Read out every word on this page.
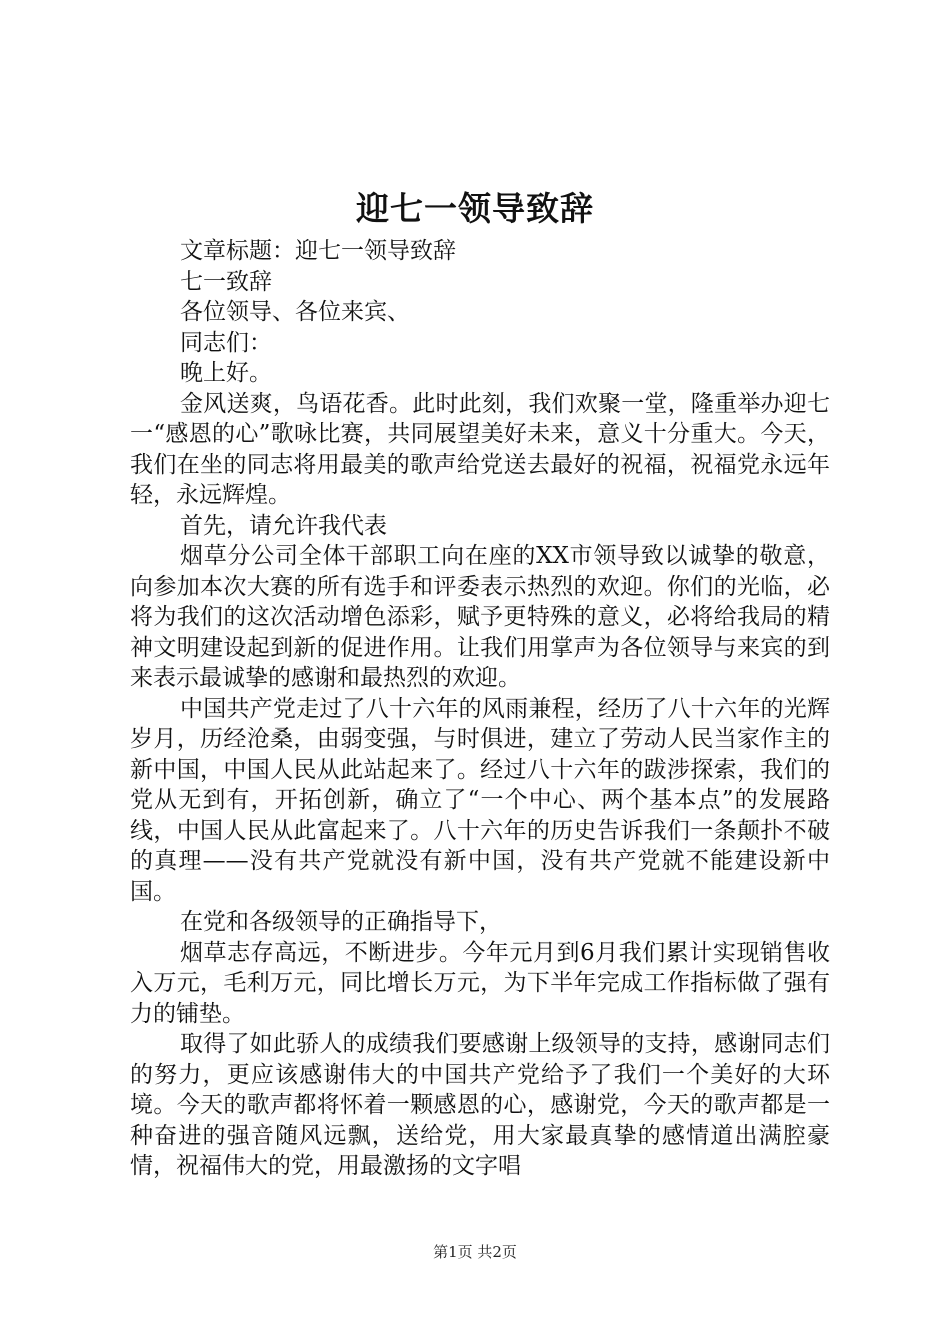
迎七一领导致辞

文章标题：迎七一领导致辞

七一致辞

各位领导、各位来宾、

同志们：

晚上好。

金风送爽，鸟语花香。此时此刻，我们欢聚一堂，隆重举办迎七一“感恩的心”歌咏比赛，共同展望美好未来，意义十分重大。今天，我们在坐的同志将用最美的歌声给党送去最好的祝福，祝福党永远年轻，永远辉煌。

首先，请允许我代表

烟草分公司全体干部职工向在座的XX市领导致以诚挚的敬意，向参加本次大赛的所有选手和评委表示热烈的欢迎。你们的光临，必将为我们的这次活动增色添彩，赋予更特殊的意义，必将给我局的精神文明建设起到新的促进作用。让我们用掌声为各位领导与来宾的到来表示最诚挚的感谢和最热烈的欢迎。

中国共产党走过了八十六年的风雨兼程，经历了八十六年的光辉岁月，历经沧桑，由弱变强，与时俱进，建立了劳动人民当家作主的新中国，中国人民从此站起来了。经过八十六年的跋涉探索，我们的党从无到有，开拓创新，确立了“一个中心、两个基本点”的发展路线，中国人民从此富起来了。八十六年的历史告诉我们一条颠扑不破的真理——没有共产党就没有新中国，没有共产党就不能建设新中国。

在党和各级领导的正确指导下，

烟草志存高远，不断进步。今年元月到6月我们累计实现销售收入万元，毛利万元，同比增长万元，为下半年完成工作指标做了强有力的铺垫。

取得了如此骄人的成绩我们要感谢上级领导的支持，感谢同志们的努力，更应该感谢伟大的中国共产党给予了我们一个美好的大环境。今天的歌声都将怀着一颗感恩的心，感谢党，今天的歌声都是一种奋进的强音随风远飘，送给党，用大家最真挚的感情道出满腔豪情，祝福伟大的党，用最激扬的文字唱

第1页 共2页
